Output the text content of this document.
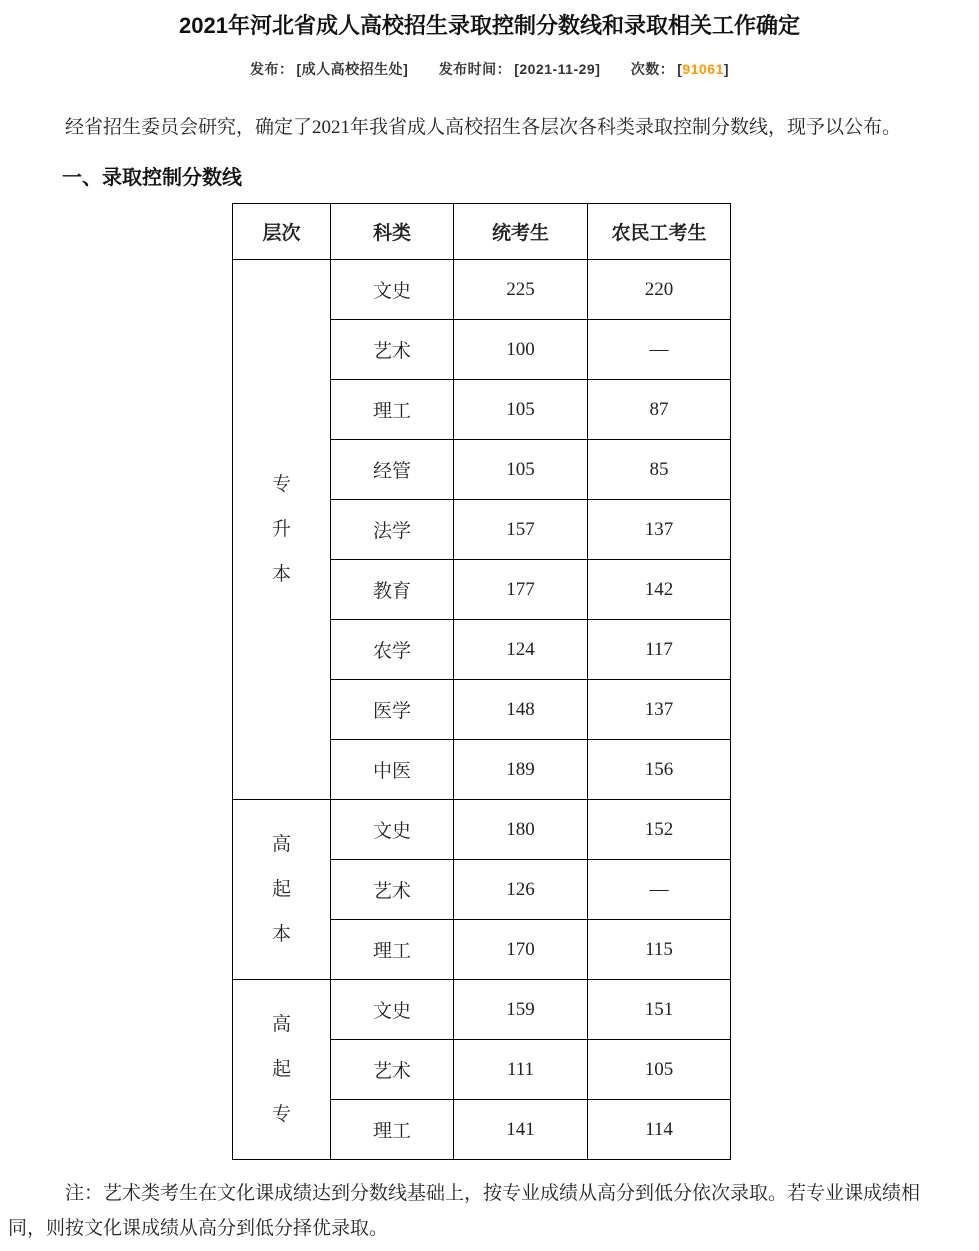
2021年河北省成人高校招生录取控制分数线和录取相关工作确定
发布： [成人高校招生处] 发布时间： [2021-11-29] 次数： [91061]

经省招生委员会研究，确定了2021年我省成人高校招生各层次各科类录取控制分数线，现予以公布。

一、录取控制分数线
层次	科类	统考生	农民工考生

专
升
本	文史	225	220
	艺术	100	—
	理工	105	87
	经管	105	85
	法学	157	137
	教育	177	142
	农学	124	117
	医学	148	137
	中医	189	156

高
起
本	文史	180	152
	艺术	126	—
	理工	170	115

高
起
专	文史	159	151
	艺术	111	105
	理工	141	114

注：艺术类考生在文化课成绩达到分数线基础上，按专业成绩从高分到低分依次录取。若专业课成绩相同，则按文化课成绩从高分到低分择优录取。
